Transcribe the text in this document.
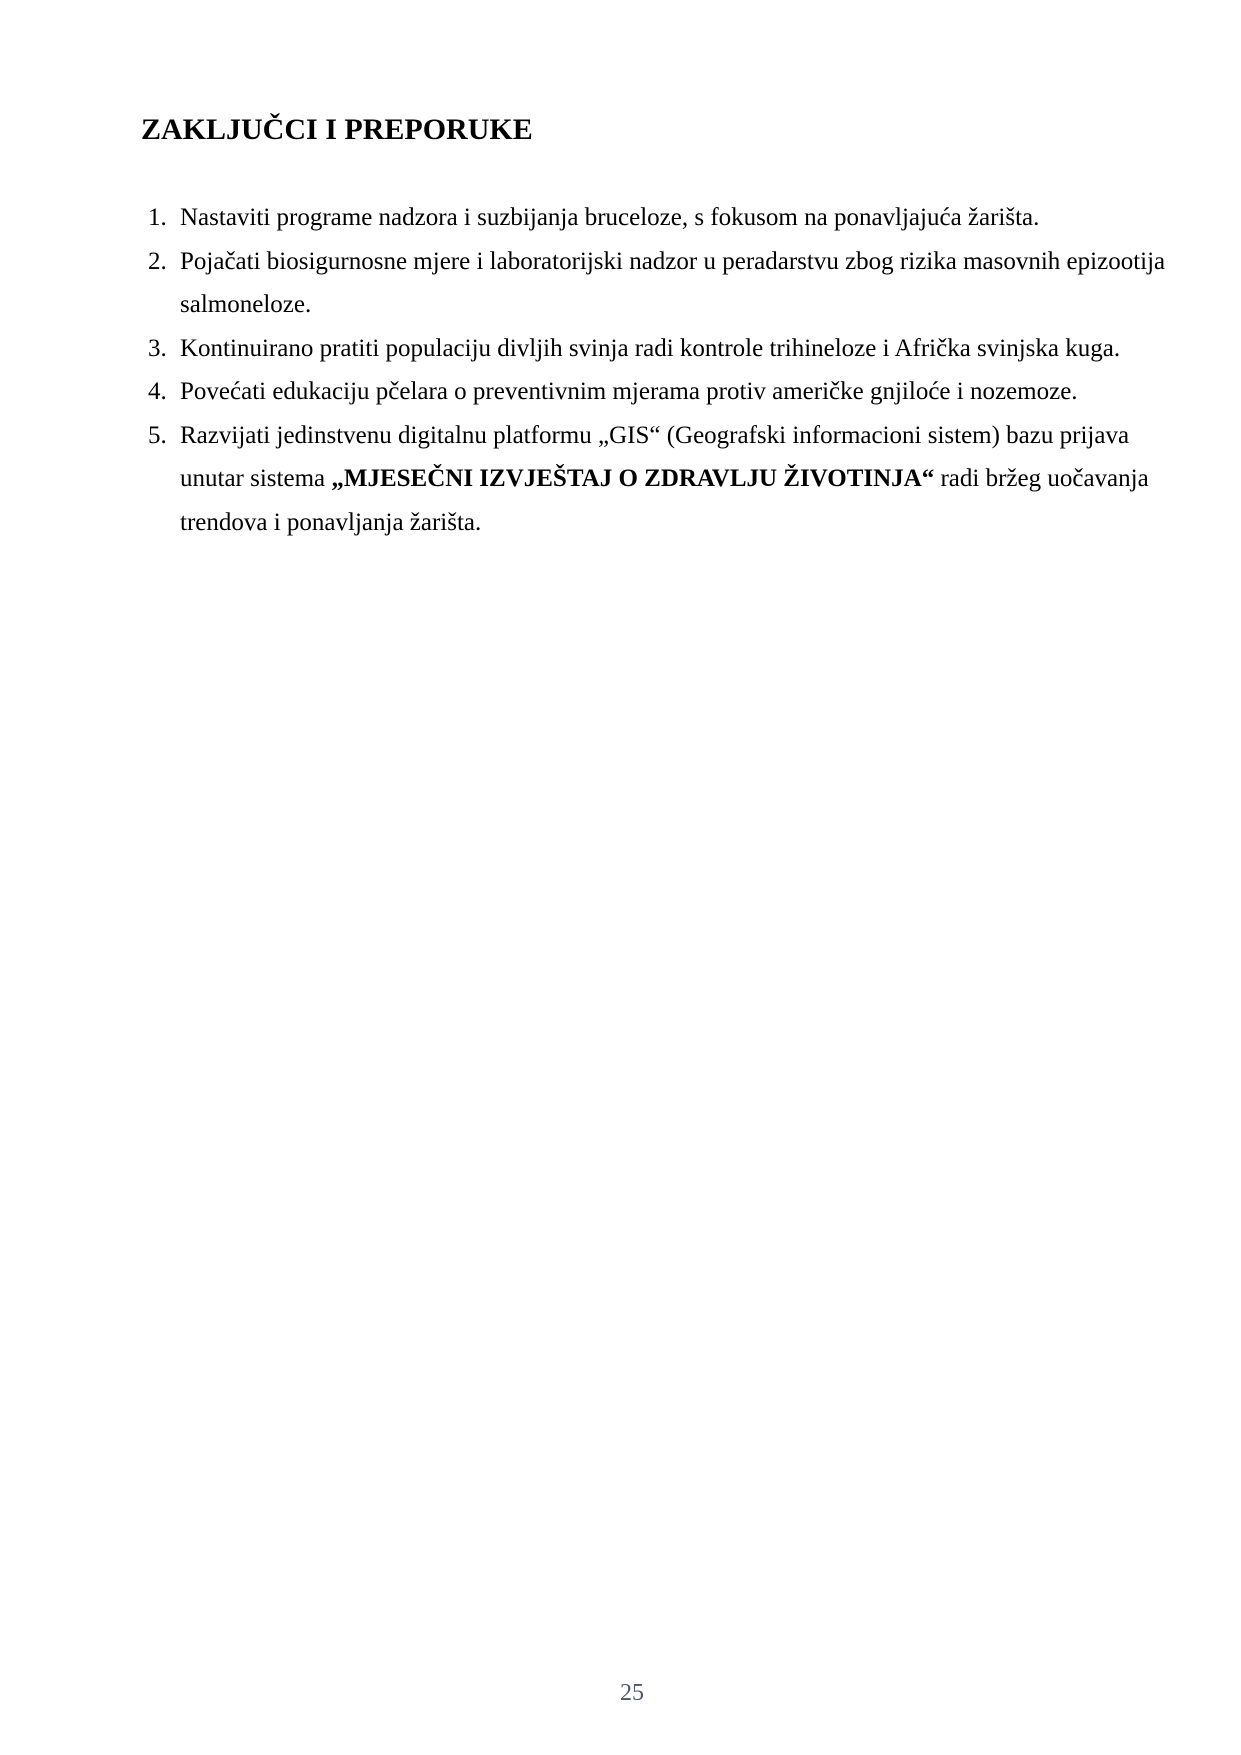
ZAKLJUČCI I PREPORUKE
1. Nastaviti programe nadzora i suzbijanja bruceloze, s fokusom na ponavljajuća žarišta.
2. Pojačati biosigurnosne mjere i laboratorijski nadzor u peradarstvu zbog rizika masovnih epizootija salmoneloze.
3. Kontinuirano pratiti populaciju divljih svinja radi kontrole trihineloze i Afrička svinjska kuga.
4. Povećati edukaciju pčelara o preventivnim mjerama protiv američke gnjiloće i nozemoze.
5. Razvijati jedinstvenu digitalnu platformu „GIS“ (Geografski informacioni sistem) bazu prijava unutar sistema „MJESEČNI IZVJEŠTAJ O ZDRAVLJU ŽIVOTINJA“ radi bržeg uočavanja trendova i ponavljanja žarišta.
25
